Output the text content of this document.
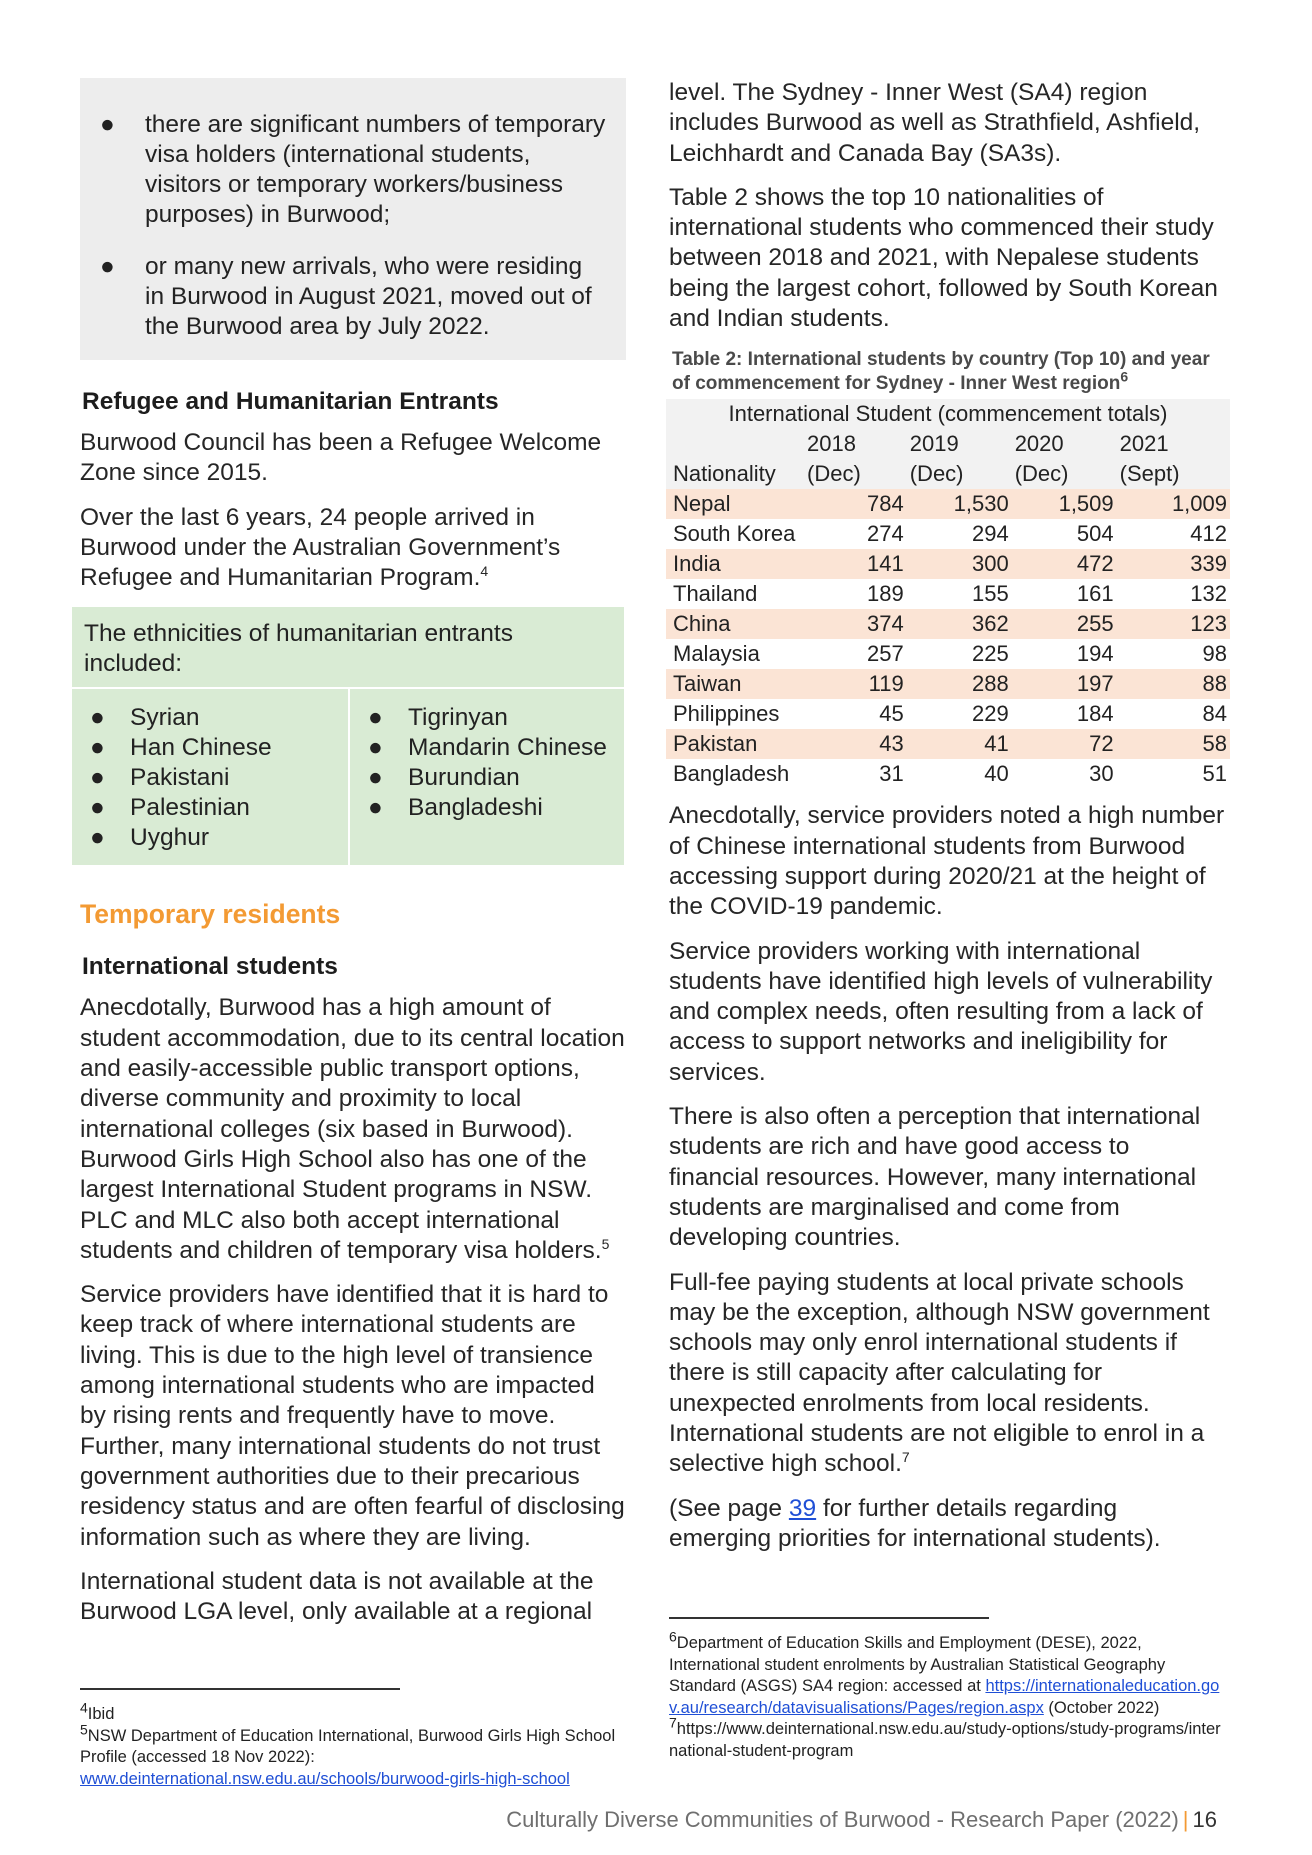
● there are significant numbers of temporary visa holders (international students, visitors or temporary workers/business purposes) in Burwood;
● or many new arrivals, who were residing in Burwood in August 2021, moved out of the Burwood area by July 2022.
Refugee and Humanitarian Entrants

Burwood Council has been a Refugee Welcome Zone since 2015.

Over the last 6 years, 24 people arrived in Burwood under the Australian Government’s Refugee and Humanitarian Program.$^4$

The ethnicities of humanitarian entrants included:
● Syrian
● Han Chinese
● Pakistani
● Palestinian
● Uyghur
● Tigrinyan
● Mandarin Chinese
● Burundian
● Bangladeshi
Temporary residents
International students

Anecdotally, Burwood has a high amount of student accommodation, due to its central location and easily-accessible public transport options, diverse community and proximity to local international colleges (six based in Burwood). Burwood Girls High School also has one of the largest International Student programs in NSW. PLC and MLC also both accept international students and children of temporary visa holders.$^5$

Service providers have identified that it is hard to keep track of where international students are living. This is due to the high level of transience among international students who are impacted by rising rents and frequently have to move. Further, many international students do not trust government authorities due to their precarious residency status and are often fearful of disclosing information such as where they are living.

International student data is not available at the Burwood LGA level, only available at a regional

$^4$Ibid

$^5$NSW Department of Education International, Burwood Girls High School Profile (accessed 18 Nov 2022):
www.deinternational.nsw.edu.au/schools/burwood-girls-high-school

level. The Sydney - Inner West (SA4) region includes Burwood as well as Strathfield, Ashfield, Leichhardt and Canada Bay (SA3s).

Table 2 shows the top 10 nationalities of international students who commenced their study between 2018 and 2021, with Nepalese students being the largest cohort, followed by South Korean and Indian students.

Table 2: International students by country (Top 10) and year of commencement for Sydney - Inner West region$^6$
International Student (commencement totals)				
	2018	2019	2020	2021
Nationality	(Dec)	(Dec)	(Dec)	(Sept)
Nepal	784	1,530	1,509	1,009
South Korea	274	294	504	412
India	141	300	472	339
Thailand	189	155	161	132
China	374	362	255	123
Malaysia	257	225	194	98
Taiwan	119	288	197	88
Philippines	45	229	184	84
Pakistan	43	41	72	58
Bangladesh	31	40	30	51

Anecdotally, service providers noted a high number of Chinese international students from Burwood accessing support during 2020/21 at the height of the COVID-19 pandemic.

Service providers working with international students have identified high levels of vulnerability and complex needs, often resulting from a lack of access to support networks and ineligibility for services.

There is also often a perception that international students are rich and have good access to financial resources. However, many international students are marginalised and come from developing countries.

Full-fee paying students at local private schools may be the exception, although NSW government schools may only enrol international students if there is still capacity after calculating for unexpected enrolments from local residents. International students are not eligible to enrol in a selective high school.$^7$

(See page 39 for further details regarding emerging priorities for international students).

$^6$Department of Education Skills and Employment (DESE), 2022, International student enrolments by Australian Statistical Geography Standard (ASGS) SA4 region: accessed at https://internationaleducation.gov.au/research/datavisualisations/Pages/region.aspx (October 2022)

$^7$https://www.deinternational.nsw.edu.au/study-options/study-programs/international-student-program

Culturally Diverse Communities of Burwood - Research Paper (2022) | 16
